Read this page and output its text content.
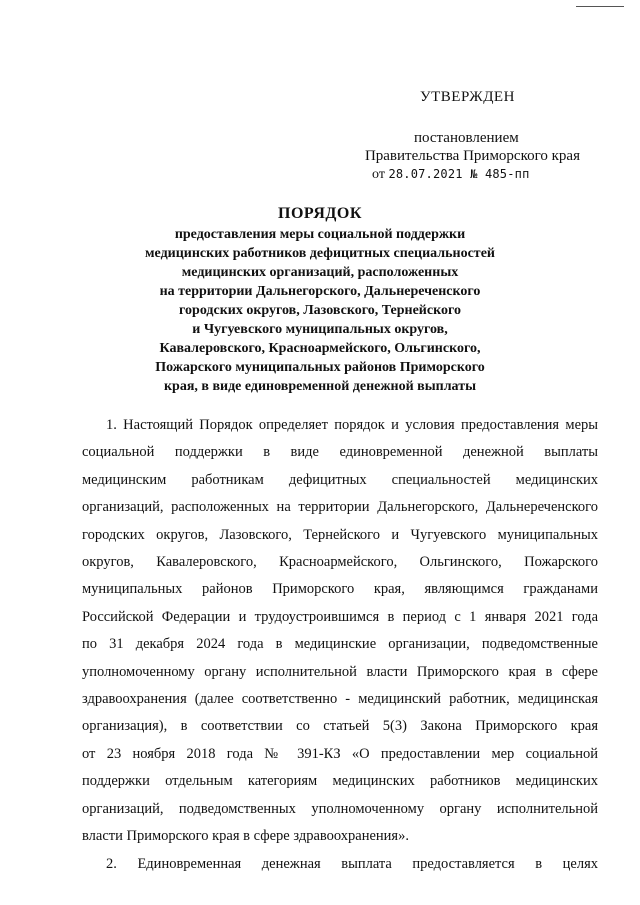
УТВЕРЖДЕН
постановлением
Правительства Приморского края
от 28.07.2021 № 485-пп
ПОРЯДОК
предоставления меры социальной поддержки
медицинских работников дефицитных специальностей
медицинских организаций, расположенных
на территории Дальнегорского, Дальнереченского
городских округов, Лазовского, Тернейского
и Чугуевского муниципальных округов,
Кавалеровского, Красноармейского, Ольгинского,
Пожарского муниципальных районов Приморского
края, в виде единовременной денежной выплаты
1. Настоящий Порядок определяет порядок и условия предоставления меры
социальной поддержки в виде единовременной денежной выплаты
медицинским работникам дефицитных специальностей медицинских
организаций, расположенных на территории Дальнегорского, Дальнереченского
городских округов, Лазовского, Тернейского и Чугуевского муниципальных
округов, Кавалеровского, Красноармейского, Ольгинского, Пожарского
муниципальных районов Приморского края, являющимся гражданами
Российской Федерации и трудоустроившимся в период с 1 января 2021 года
по 31 декабря 2024 года в медицинские организации, подведомственные
уполномоченному органу исполнительной власти Приморского края в сфере
здравоохранения (далее соответственно - медицинский работник, медицинская
организация), в соответствии со статьей 5(3) Закона Приморского края
от 23 ноября 2018 года № 391-КЗ «О предоставлении мер социальной
поддержки отдельным категориям медицинских работников медицинских
организаций, подведомственных уполномоченному органу исполнительной
власти Приморского края в сфере здравоохранения».
2. Единовременная денежная выплата предоставляется в целях
